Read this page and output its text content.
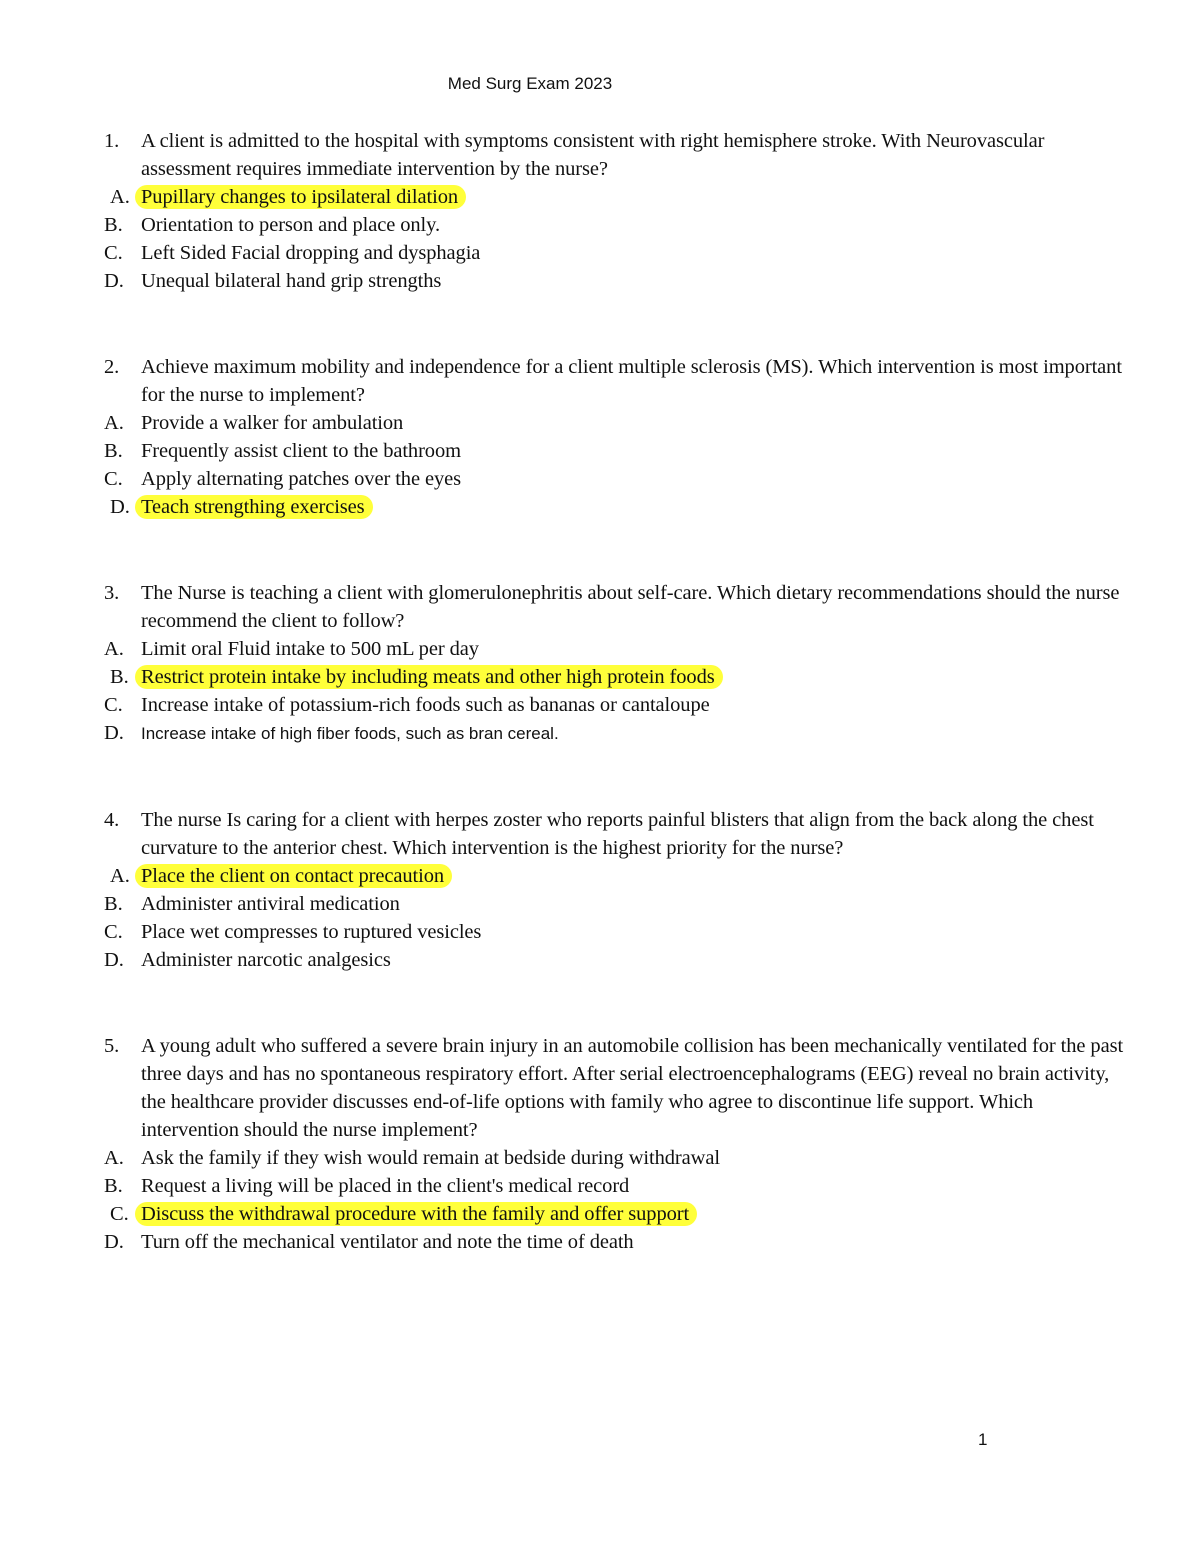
Med Surg Exam 2023
1. A client is admitted to the hospital with symptoms consistent with right hemisphere stroke. With Neurovascular assessment requires immediate intervention by the nurse?
A. Pupillary changes to ipsilateral dilation
B. Orientation to person and place only.
C. Left Sided Facial dropping and dysphagia
D. Unequal bilateral hand grip strengths
2. Achieve maximum mobility and independence for a client multiple sclerosis (MS). Which intervention is most important for the nurse to implement?
A. Provide a walker for ambulation
B. Frequently assist client to the bathroom
C. Apply alternating patches over the eyes
D. Teach strengthing exercises
3. The Nurse is teaching a client with glomerulonephritis about self-care. Which dietary recommendations should the nurse recommend the client to follow?
A. Limit oral Fluid intake to 500 mL per day
B. Restrict protein intake by including meats and other high protein foods
C. Increase intake of potassium-rich foods such as bananas or cantaloupe
D. Increase intake of high fiber foods, such as bran cereal.
4. The nurse Is caring for a client with herpes zoster who reports painful blisters that align from the back along the chest curvature to the anterior chest. Which intervention is the highest priority for the nurse?
A. Place the client on contact precaution
B. Administer antiviral medication
C. Place wet compresses to ruptured vesicles
D. Administer narcotic analgesics
5. A young adult who suffered a severe brain injury in an automobile collision has been mechanically ventilated for the past three days and has no spontaneous respiratory effort. After serial electroencephalograms (EEG) reveal no brain activity, the healthcare provider discusses end-of-life options with family who agree to discontinue life support. Which intervention should the nurse implement?
A. Ask the family if they wish would remain at bedside during withdrawal
B. Request a living will be placed in the client's medical record
C. Discuss the withdrawal procedure with the family and offer support
D. Turn off the mechanical ventilator and note the time of death
1
